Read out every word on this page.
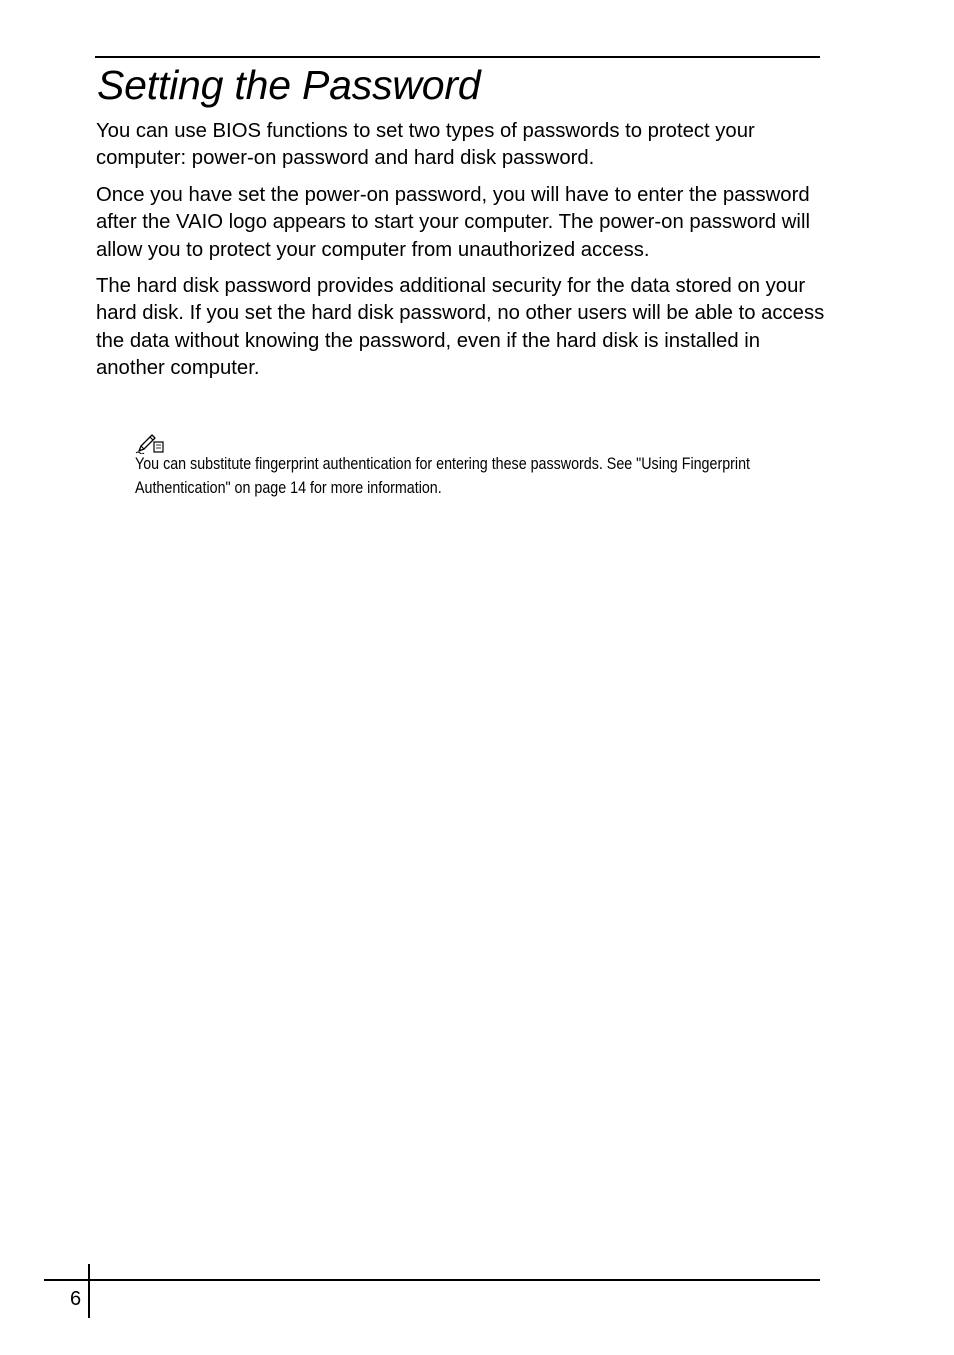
Setting the Password

You can use BIOS functions to set two types of passwords to protect your computer: power-on password and hard disk password.

Once you have set the power-on password, you will have to enter the password after the VAIO logo appears to start your computer. The power-on password will allow you to protect your computer from unauthorized access.

The hard disk password provides additional security for the data stored on your hard disk. If you set the hard disk password, no other users will be able to access the data without knowing the password, even if the hard disk is installed in another computer.

You can substitute fingerprint authentication for entering these passwords. See "Using Fingerprint Authentication" on page 14 for more information.

6
